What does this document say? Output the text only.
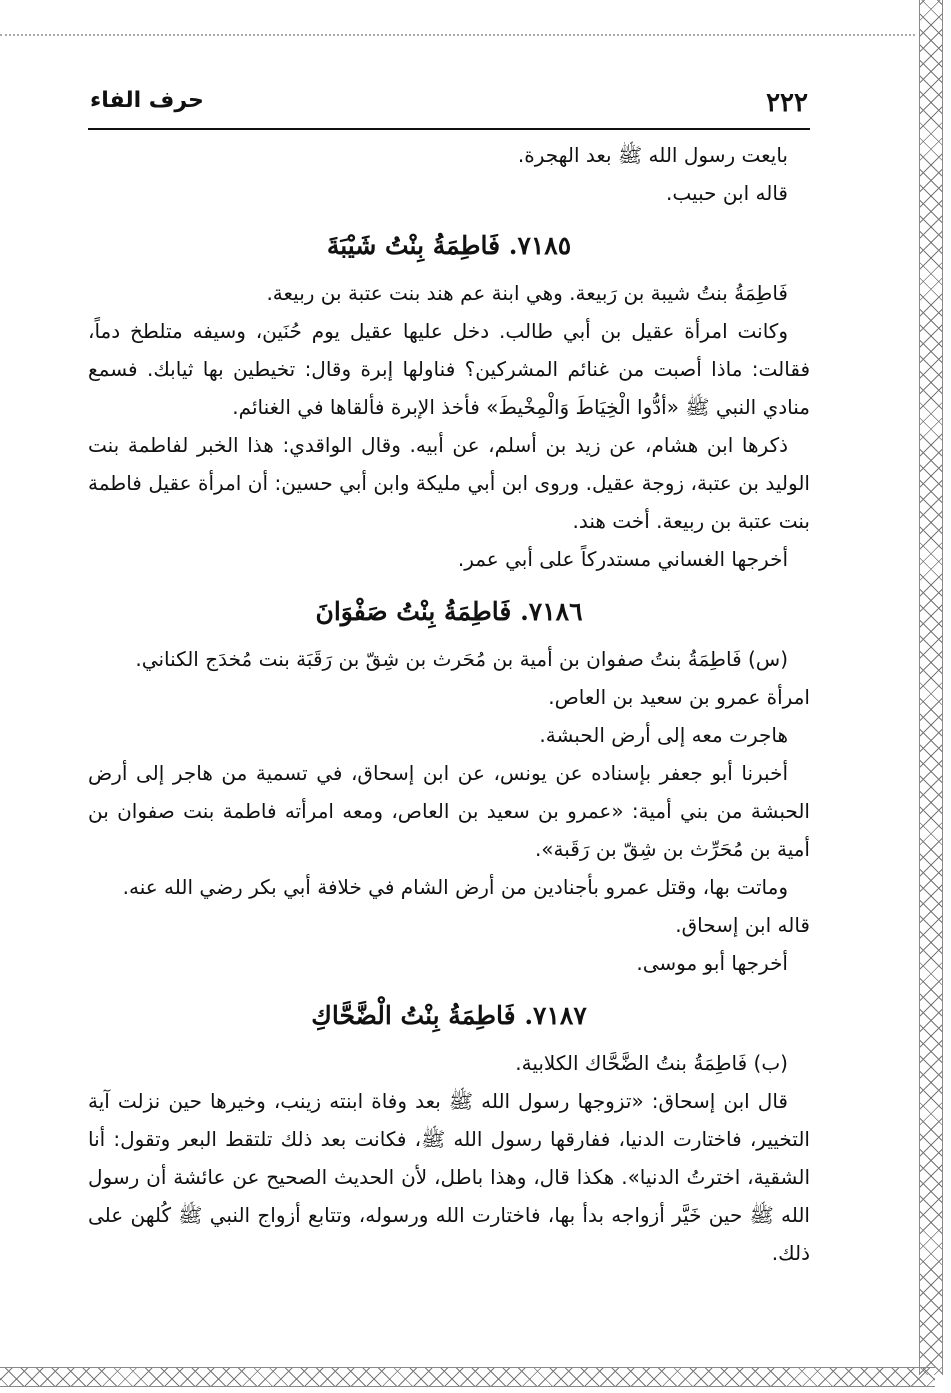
٢٢٢
حرف الفاء

بايعت رسول الله ﷺ بعد الهجرة.

قاله ابن حبيب.

٧١٨٥. فَاطِمَةُ بِنْتُ شَيْبَةَ

فَاطِمَةُ بنتُ شيبة بن رَبيعة. وهي ابنة عم هند بنت عتبة بن ربيعة.

وكانت امرأة عقيل بن أبي طالب. دخل عليها عقيل يوم حُنَين، وسيفه متلطخ دماً، فقالت: ماذا أصبت من غنائم المشركين؟ فناولها إبرة وقال: تخيطين بها ثيابك. فسمع منادي النبي ﷺ «أدُّوا الْخِيَاطَ وَالْمِخْيطَ» فأخذ الإبرة فألقاها في الغنائم.

ذكرها ابن هشام، عن زيد بن أسلم، عن أبيه. وقال الواقدي: هذا الخبر لفاطمة بنت الوليد بن عتبة، زوجة عقيل. وروى ابن أبي مليكة وابن أبي حسين: أن امرأة عقيل فاطمة بنت عتبة بن ربيعة. أخت هند.

أخرجها الغساني مستدركاً على أبي عمر.

٧١٨٦. فَاطِمَةُ بِنْتُ صَفْوَانَ

(س) فَاطِمَةُ بنتُ صفوان بن أمية بن مُحَرث بن شِقّ بن رَقَبَة بنت مُخدَج الكناني.

امرأة عمرو بن سعيد بن العاص.

هاجرت معه إلى أرض الحبشة.

أخبرنا أبو جعفر بإسناده عن يونس، عن ابن إسحاق، في تسمية من هاجر إلى أرض الحبشة من بني أمية: «عمرو بن سعيد بن العاص، ومعه امرأته فاطمة بنت صفوان بن أمية بن مُحَرِّث بن شِقّ بن رَقَبة».

وماتت بها، وقتل عمرو بأجنادين من أرض الشام في خلافة أبي بكر رضي الله عنه.

قاله ابن إسحاق.

أخرجها أبو موسى.

٧١٨٧. فَاطِمَةُ بِنْتُ الْضَّحَّاكِ

(ب) فَاطِمَةُ بنتُ الضَّحَّاك الكلابية.

قال ابن إسحاق: «تزوجها رسول الله ﷺ بعد وفاة ابنته زينب، وخيرها حين نزلت آية التخيير، فاختارت الدنيا، ففارقها رسول الله ﷺ، فكانت بعد ذلك تلتقط البعر وتقول: أنا الشقية، اخترتُ الدنيا». هكذا قال، وهذا باطل، لأن الحديث الصحيح عن عائشة أن رسول الله ﷺ حين خَيَّر أزواجه بدأ بها، فاختارت الله ورسوله، وتتابع أزواج النبي ﷺ كُلهن على ذلك.
